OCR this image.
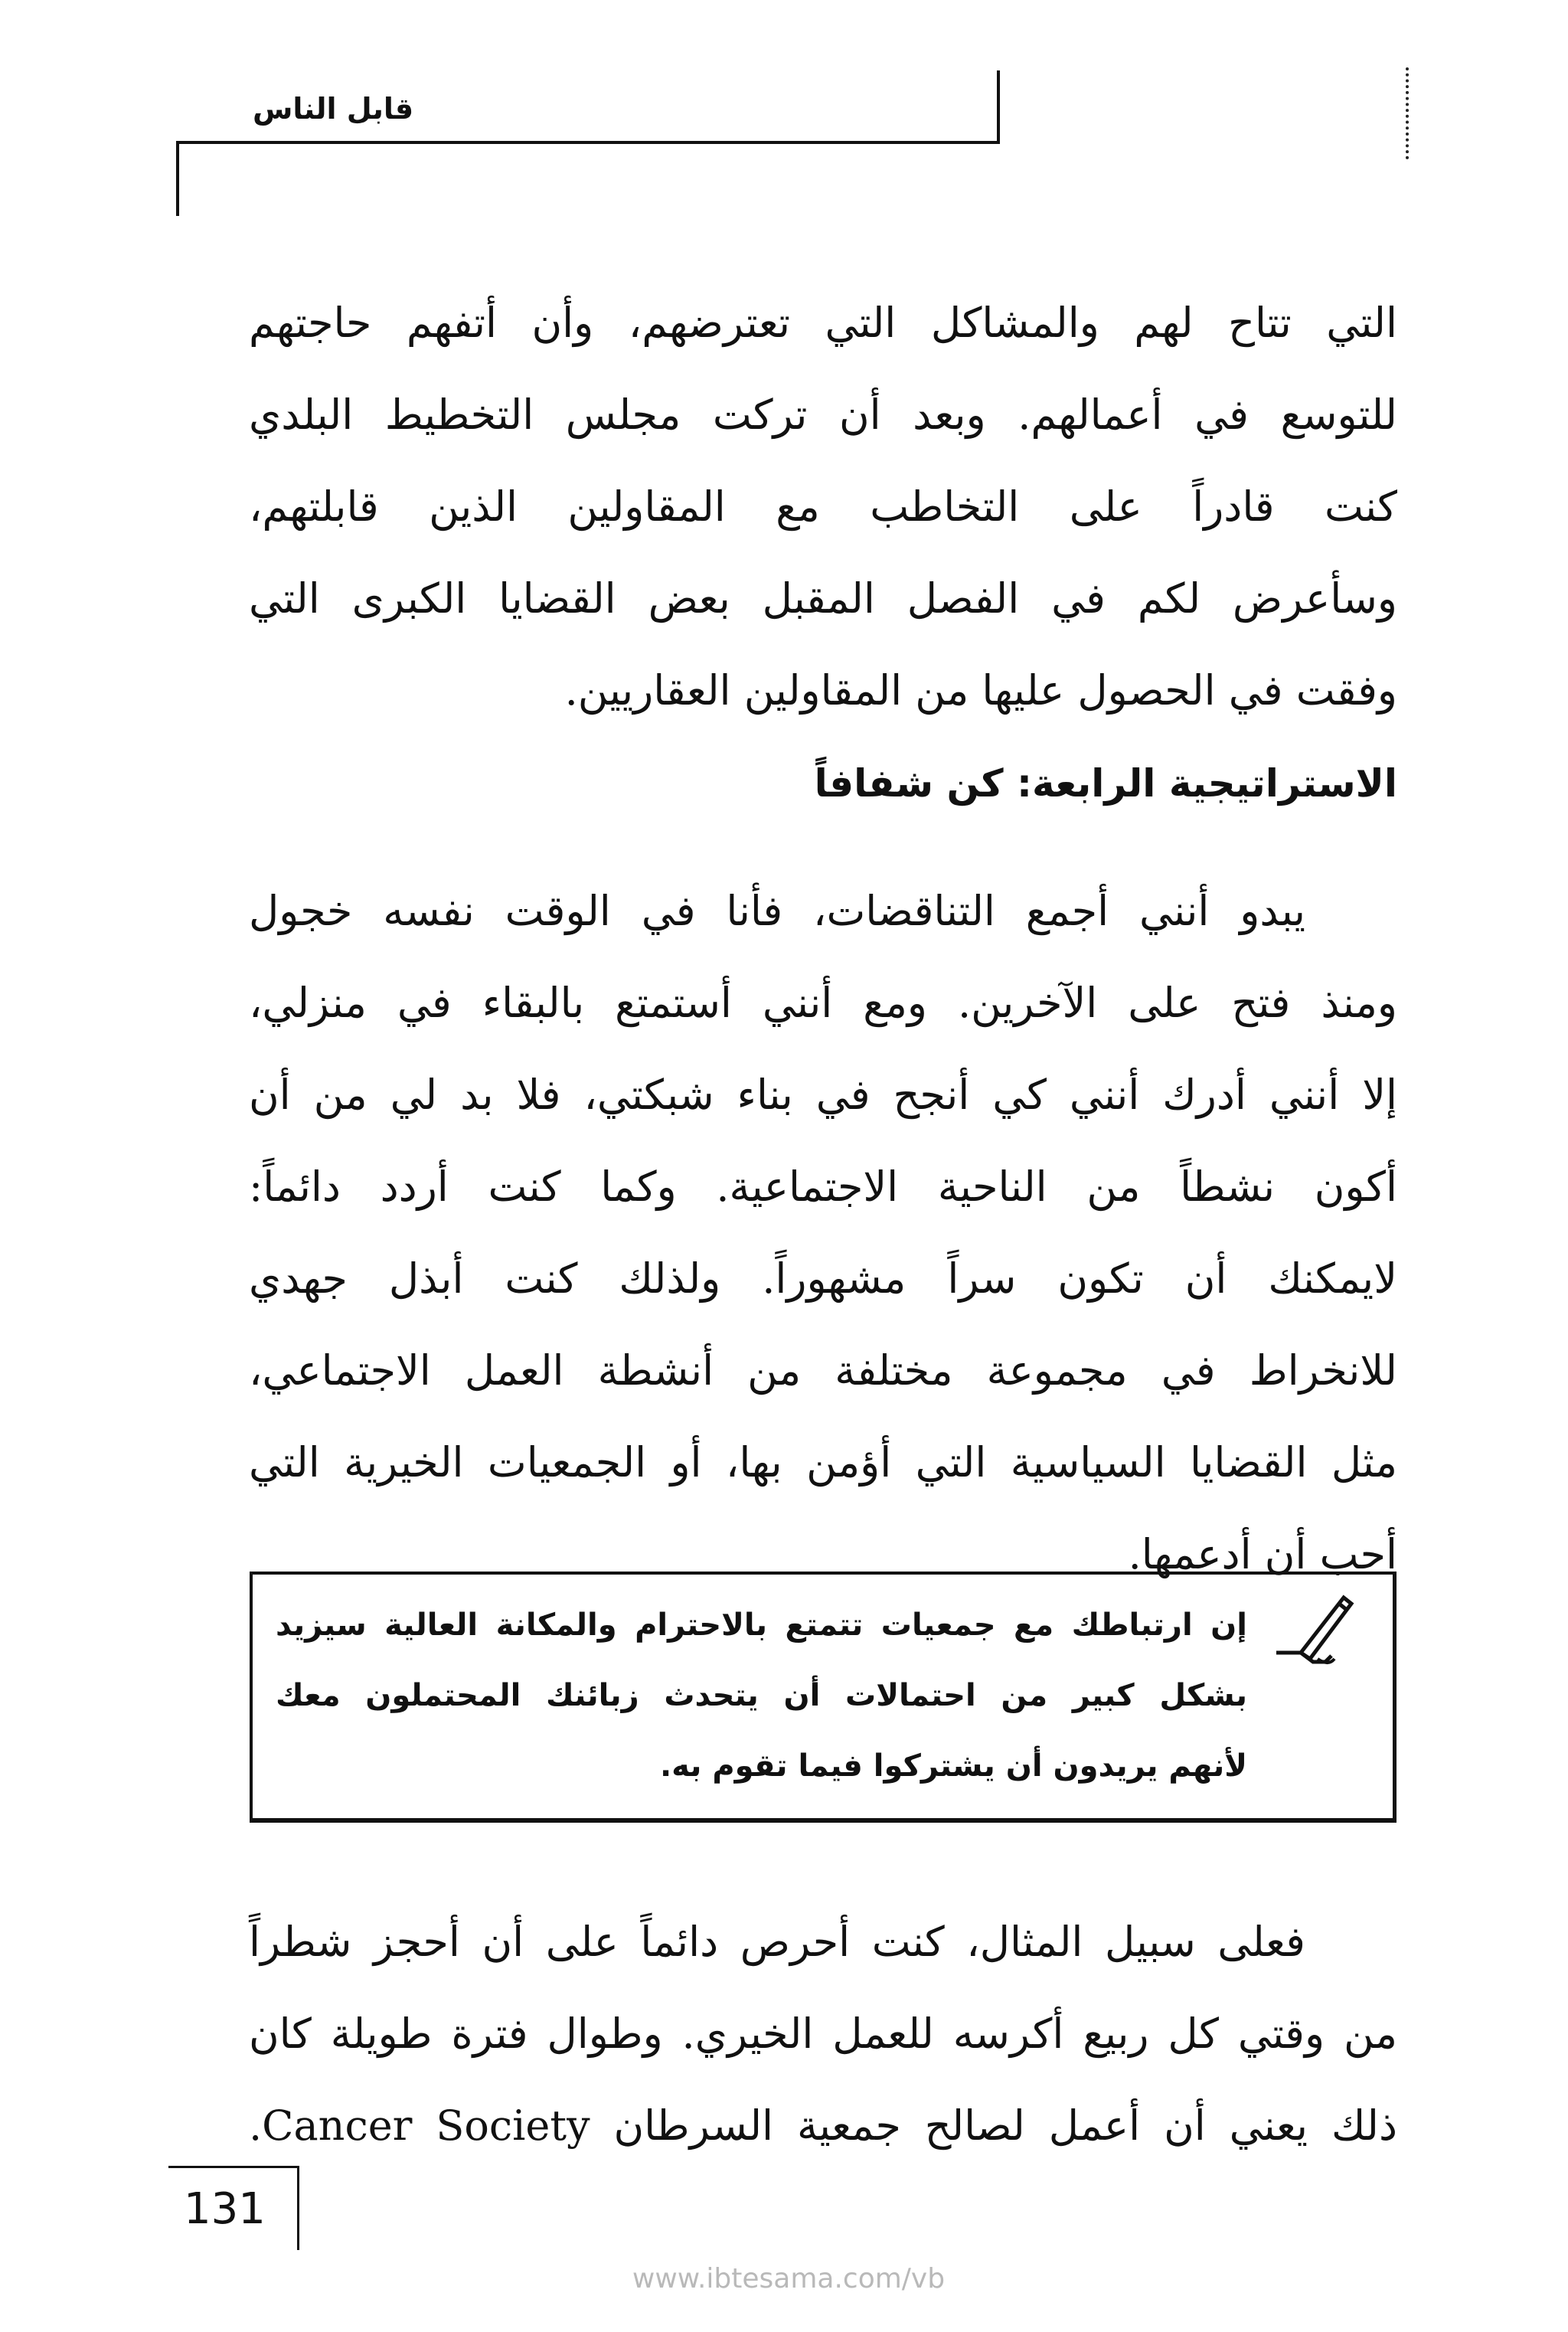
قابل الناس
التي تتاح لهم والمشاكل التي تعترضهم، وأن أتفهم حاجتهم
للتوسع في أعمالهم. وبعد أن تركت مجلس التخطيط البلدي
كنت قادراً على التخاطب مع المقاولين الذين قابلتهم،
وسأعرض لكم في الفصل المقبل بعض القضايا الكبرى التي
وفقت في الحصول عليها من المقاولين العقاريين.
الاستراتيجية الرابعة: كن شفافاً
يبدو أنني أجمع التناقضات، فأنا في الوقت نفسه خجول
ومنذ فتح على الآخرين. ومع أنني أستمتع بالبقاء في منزلي،
إلا أنني أدرك أنني كي أنجح في بناء شبكتي، فلا بد لي من أن
أكون نشطاً من الناحية الاجتماعية. وكما كنت أردد دائماً:
لايمكنك أن تكون سراً مشهوراً. ولذلك كنت أبذل جهدي
للانخراط في مجموعة مختلفة من أنشطة العمل الاجتماعي،
مثل القضايا السياسية التي أؤمن بها، أو الجمعيات الخيرية التي
أحب أن أدعمها.
إن ارتباطك مع جمعيات تتمتع بالاحترام والمكانة العالية سيزيد
بشكل كبير من احتمالات أن يتحدث زبائنك المحتملون معك
لأنهم يريدون أن يشتركوا فيما تقوم به.
فعلى سبيل المثال، كنت أحرص دائماً على أن أحجز شطراً
من وقتي كل ربيع أكرسه للعمل الخيري. وطوال فترة طويلة كان
ذلك يعني أن أعمل لصالح جمعية السرطان Cancer Society.
131
www.ibtesama.com/vb
